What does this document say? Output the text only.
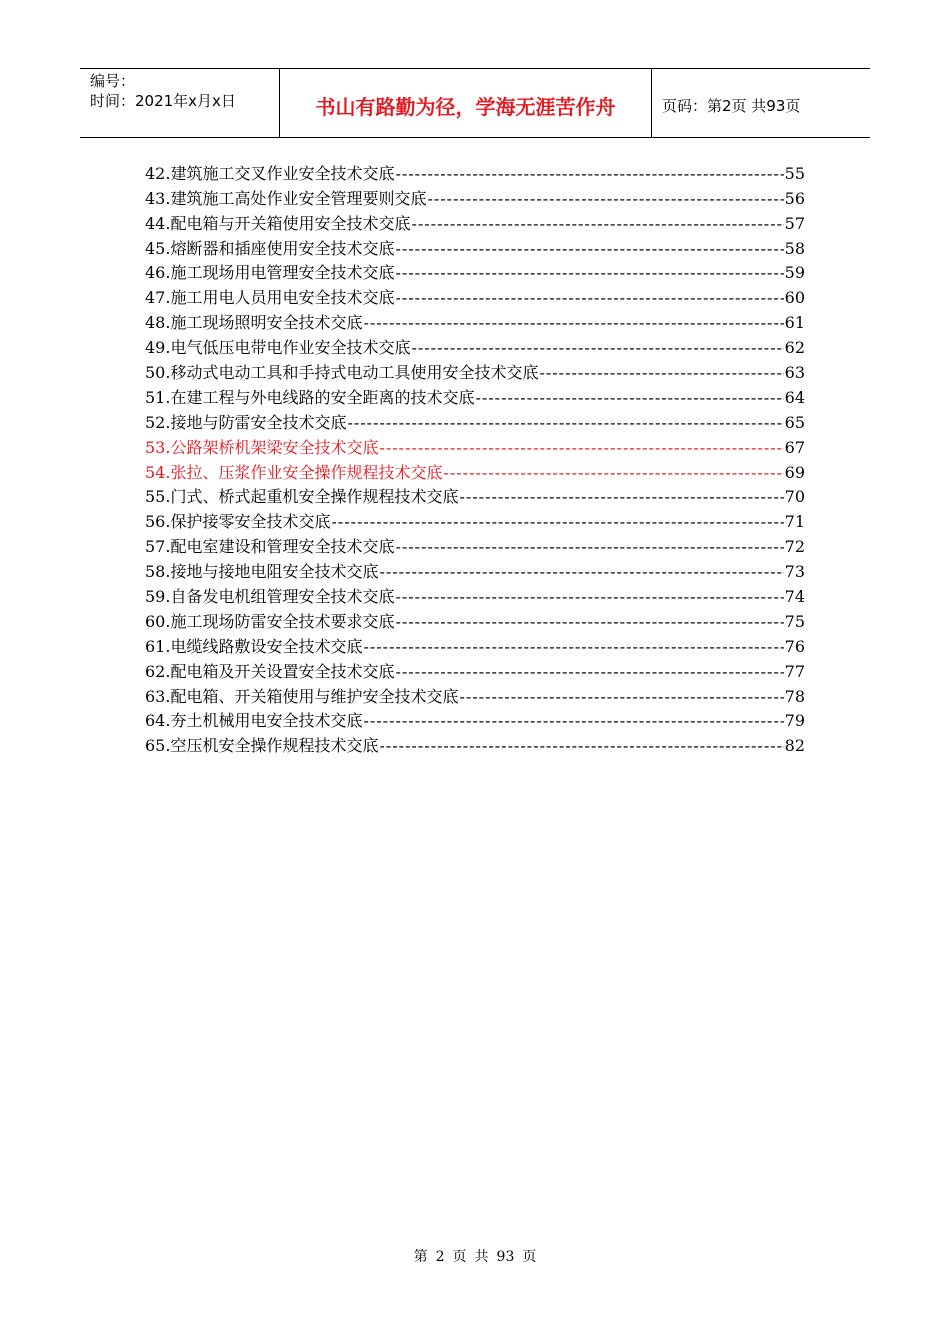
编号：
时间：2021年x月x日	书山有路勤为径，学海无涯苦作舟	页码：第2页 共93页
42.建筑施工交叉作业安全技术交底 -----	55
43.建筑施工高处作业安全管理要则交底 -----	56
44.配电箱与开关箱使用安全技术交底 -----	57
45.熔断器和插座使用安全技术交底 -----	58
46.施工现场用电管理安全技术交底 -----	59
47.施工用电人员用电安全技术交底 -----	60
48.施工现场照明安全技术交底 -----	61
49.电气低压电带电作业安全技术交底 -----	62
50.移动式电动工具和手持式电动工具使用安全技术交底 -----	63
51.在建工程与外电线路的安全距离的技术交底 -----	64
52.接地与防雷安全技术交底 -----	65
53.公路架桥机架梁安全技术交底 -----	67
54.张拉、压浆作业安全操作规程技术交底 -----	69
55.门式、桥式起重机安全操作规程技术交底 -----	70
56.保护接零安全技术交底 -----	71
57.配电室建设和管理安全技术交底 -----	72
58.接地与接地电阻安全技术交底 -----	73
59.自备发电机组管理安全技术交底 -----	74
60.施工现场防雷安全技术要求交底 -----	75
61.电缆线路敷设安全技术交底 -----	76
62.配电箱及开关设置安全技术交底 -----	77
63.配电箱、开关箱使用与维护安全技术交底 -----	78
64.夯土机械用电安全技术交底 -----	79
65.空压机安全操作规程技术交底 -----	82
第 2 页 共 93 页
